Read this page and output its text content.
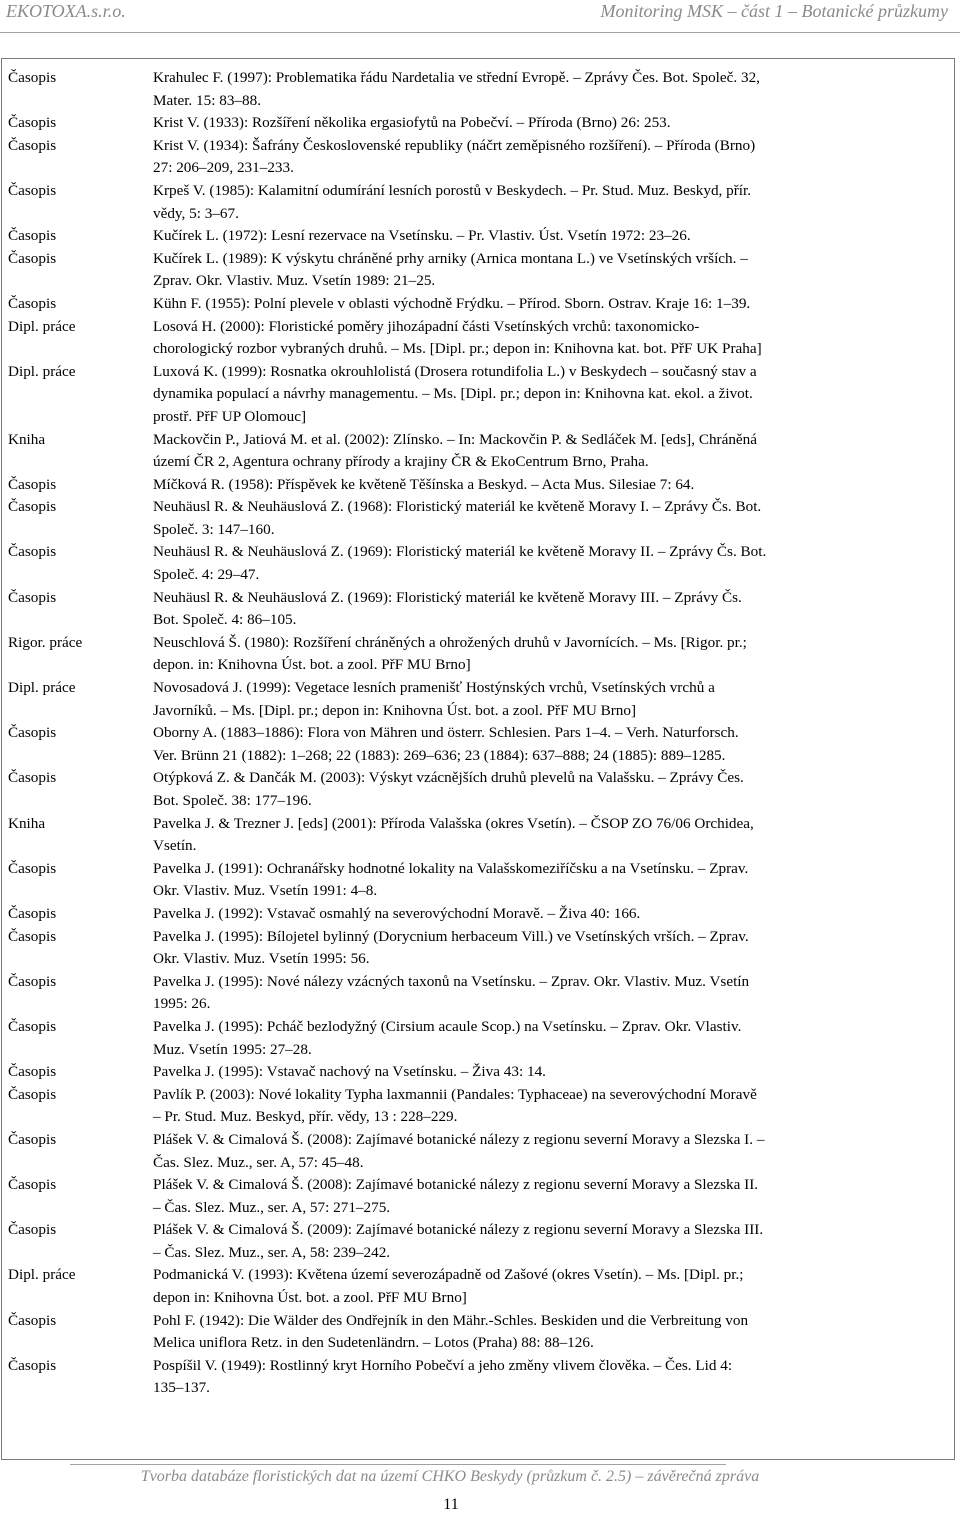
EKOTOXA.s.r.o.	Monitoring MSK – část 1 – Botanické průzkumy
Časopis	Krahulec F. (1997): Problematika řádu Nardetalia ve střední Evropě. – Zprávy Čes. Bot. Společ. 32,
Mater. 15: 83–88.
Časopis	Krist V. (1933): Rozšíření několika ergasiofytů na Pobečví. – Příroda (Brno) 26: 253.
Časopis	Krist V. (1934): Šafrány Československé republiky (náčrt zeměpisného rozšíření). – Příroda (Brno)
27: 206–209, 231–233.
Časopis	Krpeš V. (1985): Kalamitní odumírání lesních porostů v Beskydech. – Pr. Stud. Muz. Beskyd, přír.
vědy, 5: 3–67.
Časopis	Kučírek L. (1972): Lesní rezervace na Vsetínsku. – Pr. Vlastiv. Úst. Vsetín 1972: 23–26.
Časopis	Kučírek L. (1989): K výskytu chráněné prhy arniky (Arnica montana L.) ve Vsetínských vrších. –
Zprav. Okr. Vlastiv. Muz. Vsetín 1989: 21–25.
Časopis	Kühn F. (1955): Polní plevele v oblasti východně Frýdku. – Přírod. Sborn. Ostrav. Kraje 16: 1–39.
Dipl. práce	Losová H. (2000): Floristické poměry jihozápadní části Vsetínských vrchů: taxonomicko-
chorologický rozbor vybraných druhů. – Ms. [Dipl. pr.; depon in: Knihovna kat. bot. PřF UK Praha]
Dipl. práce	Luxová K. (1999): Rosnatka okrouhlolistá (Drosera rotundifolia L.) v Beskydech – současný stav a
dynamika populací a návrhy managementu. – Ms. [Dipl. pr.; depon in: Knihovna kat. ekol. a život.
prostř. PřF UP Olomouc]
Kniha	Mackovčin P., Jatiová M. et al. (2002): Zlínsko. – In: Mackovčin P. & Sedláček M. [eds], Chráněná
území ČR 2, Agentura ochrany přírody a krajiny ČR & EkoCentrum Brno, Praha.
Časopis	Míčková R. (1958): Příspěvek ke květeně Těšínska a Beskyd. – Acta Mus. Silesiae 7: 64.
Časopis	Neuhäusl R. & Neuhäuslová Z. (1968): Floristický materiál ke květeně Moravy I. – Zprávy Čs. Bot.
Společ. 3: 147–160.
Časopis	Neuhäusl R. & Neuhäuslová Z. (1969): Floristický materiál ke květeně Moravy II. – Zprávy Čs. Bot.
Společ. 4: 29–47.
Časopis	Neuhäusl R. & Neuhäuslová Z. (1969): Floristický materiál ke květeně Moravy III. – Zprávy Čs.
Bot. Společ. 4: 86–105.
Rigor. práce	Neuschlová Š. (1980): Rozšíření chráněných a ohrožených druhů v Javornících. – Ms. [Rigor. pr.;
depon. in: Knihovna Úst. bot. a zool. PřF MU Brno]
Dipl. práce	Novosadová J. (1999): Vegetace lesních pramenišť Hostýnských vrchů, Vsetínských vrchů a
Javorníků. – Ms. [Dipl. pr.; depon in: Knihovna Úst. bot. a zool. PřF MU Brno]
Časopis	Oborny A. (1883–1886): Flora von Mähren und österr. Schlesien. Pars 1–4. – Verh. Naturforsch.
Ver. Brünn 21 (1882): 1–268; 22 (1883): 269–636; 23 (1884): 637–888; 24 (1885): 889–1285.
Časopis	Otýpková Z. & Dančák M. (2003): Výskyt vzácnějších druhů plevelů na Valašsku. – Zprávy Čes.
Bot. Společ. 38: 177–196.
Kniha	Pavelka J. & Trezner J. [eds] (2001): Příroda Valašska (okres Vsetín). – ČSOP ZO 76/06 Orchidea,
Vsetín.
Časopis	Pavelka J. (1991): Ochranářsky hodnotné lokality na Valašskomeziříčsku a na Vsetínsku. – Zprav.
Okr. Vlastiv. Muz. Vsetín 1991: 4–8.
Časopis	Pavelka J. (1992): Vstavač osmahlý na severovýchodní Moravě. – Živa 40: 166.
Časopis	Pavelka J. (1995): Bílojetel bylinný (Dorycnium herbaceum Vill.) ve Vsetínských vrších. – Zprav.
Okr. Vlastiv. Muz. Vsetín 1995: 56.
Časopis	Pavelka J. (1995): Nové nálezy vzácných taxonů na Vsetínsku. – Zprav. Okr. Vlastiv. Muz. Vsetín
1995: 26.
Časopis	Pavelka J. (1995): Pcháč bezlodyžný (Cirsium acaule Scop.) na Vsetínsku. – Zprav. Okr. Vlastiv.
Muz. Vsetín 1995: 27–28.
Časopis	Pavelka J. (1995): Vstavač nachový na Vsetínsku. – Živa 43: 14.
Časopis	Pavlík P. (2003): Nové lokality Typha laxmannii (Pandales: Typhaceae) na severovýchodní Moravě
– Pr. Stud. Muz. Beskyd, přír. vědy, 13 : 228–229.
Časopis	Plášek V. & Cimalová Š. (2008): Zajímavé botanické nálezy z regionu severní Moravy a Slezska I. –
Čas. Slez. Muz., ser. A, 57: 45–48.
Časopis	Plášek V. & Cimalová Š. (2008): Zajímavé botanické nálezy z regionu severní Moravy a Slezska II.
– Čas. Slez. Muz., ser. A, 57: 271–275.
Časopis	Plášek V. & Cimalová Š. (2009): Zajímavé botanické nálezy z regionu severní Moravy a Slezska III.
– Čas. Slez. Muz., ser. A, 58: 239–242.
Dipl. práce	Podmanická V. (1993): Květena území severozápadně od Zašové (okres Vsetín). – Ms. [Dipl. pr.;
depon in: Knihovna Úst. bot. a zool. PřF MU Brno]
Časopis	Pohl F. (1942): Die Wälder des Ondřejník in den Mähr.-Schles. Beskiden und die Verbreitung von
Melica uniflora Retz. in den Sudetenländrn. – Lotos (Praha) 88: 88–126.
Časopis	Pospíšil V. (1949): Rostlinný kryt Horního Pobečví a jeho změny vlivem člověka. – Čes. Lid 4:
135–137.
Tvorba databáze floristických dat na území CHKO Beskydy (průzkum č. 2.5) – závěrečná zpráva
11
